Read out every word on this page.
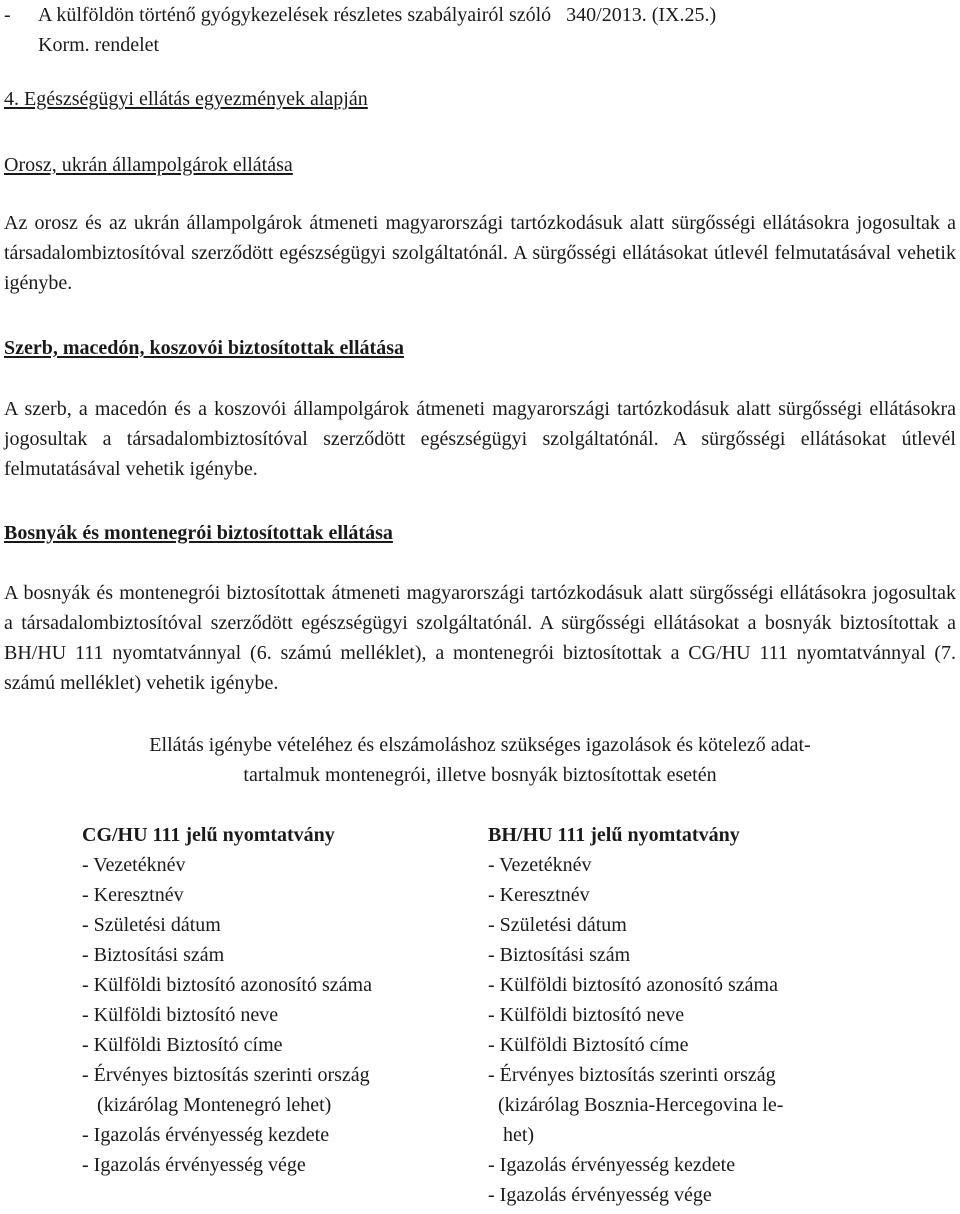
- A külföldön történő gyógykezelések részletes szabályairól szóló   340/2013. (IX.25.)
Korm. rendelet
4. Egészségügyi ellátás egyezmények alapján
Orosz, ukrán állampolgárok ellátása
Az orosz és az ukrán állampolgárok átmeneti magyarországi tartózkodásuk alatt sürgősségi ellátásokra jogosultak a társadalombiztosítóval szerződött egészségügyi szolgáltatónál. A sürgősségi ellátásokat útlevél felmutatásával vehetik igénybe.
Szerb, macedón, koszovói biztosítottak ellátása
A szerb, a macedón és a koszovói állampolgárok átmeneti magyarországi tartózkodásuk alatt sürgősségi ellátásokra jogosultak a társadalombiztosítóval szerződött egészségügyi szolgáltatónál. A sürgősségi ellátásokat útlevél felmutatásával vehetik igénybe.
Bosnyák és montenegrói biztosítottak ellátása
A bosnyák és montenegrói biztosítottak átmeneti magyarországi tartózkodásuk alatt sürgősségi ellátásokra jogosultak a társadalombiztosítóval szerződött egészségügyi szolgáltatónál. A sürgősségi ellátásokat a bosnyák biztosítottak a BH/HU 111 nyomtatvánnyal (6. számú melléklet), a montenegrói biztosítottak a CG/HU 111 nyomtatvánnyal (7. számú melléklet) vehetik igénybe.
Ellátás igénybe vételéhez és elszámoláshoz szükséges igazolások és kötelező adat-
tartalmuk montenegrói, illetve bosnyák biztosítottak esetén
CG/HU 111 jelű nyomtatvány
- Vezetéknév
- Keresztnév
- Születési dátum
- Biztosítási szám
- Külföldi biztosító azonosító száma
- Külföldi biztosító neve
- Külföldi Biztosító címe
- Érvényes biztosítás szerinti ország
(kizárólag Montenegró lehet)
- Igazolás érvényesség kezdete
- Igazolás érvényesség vége
BH/HU 111 jelű nyomtatvány
- Vezetéknév
- Keresztnév
- Születési dátum
- Biztosítási szám
- Külföldi biztosító azonosító száma
- Külföldi biztosító neve
- Külföldi Biztosító címe
- Érvényes biztosítás szerinti ország
(kizárólag Bosznia-Hercegovina le-
het)
- Igazolás érvényesség kezdete
- Igazolás érvényesség vége
